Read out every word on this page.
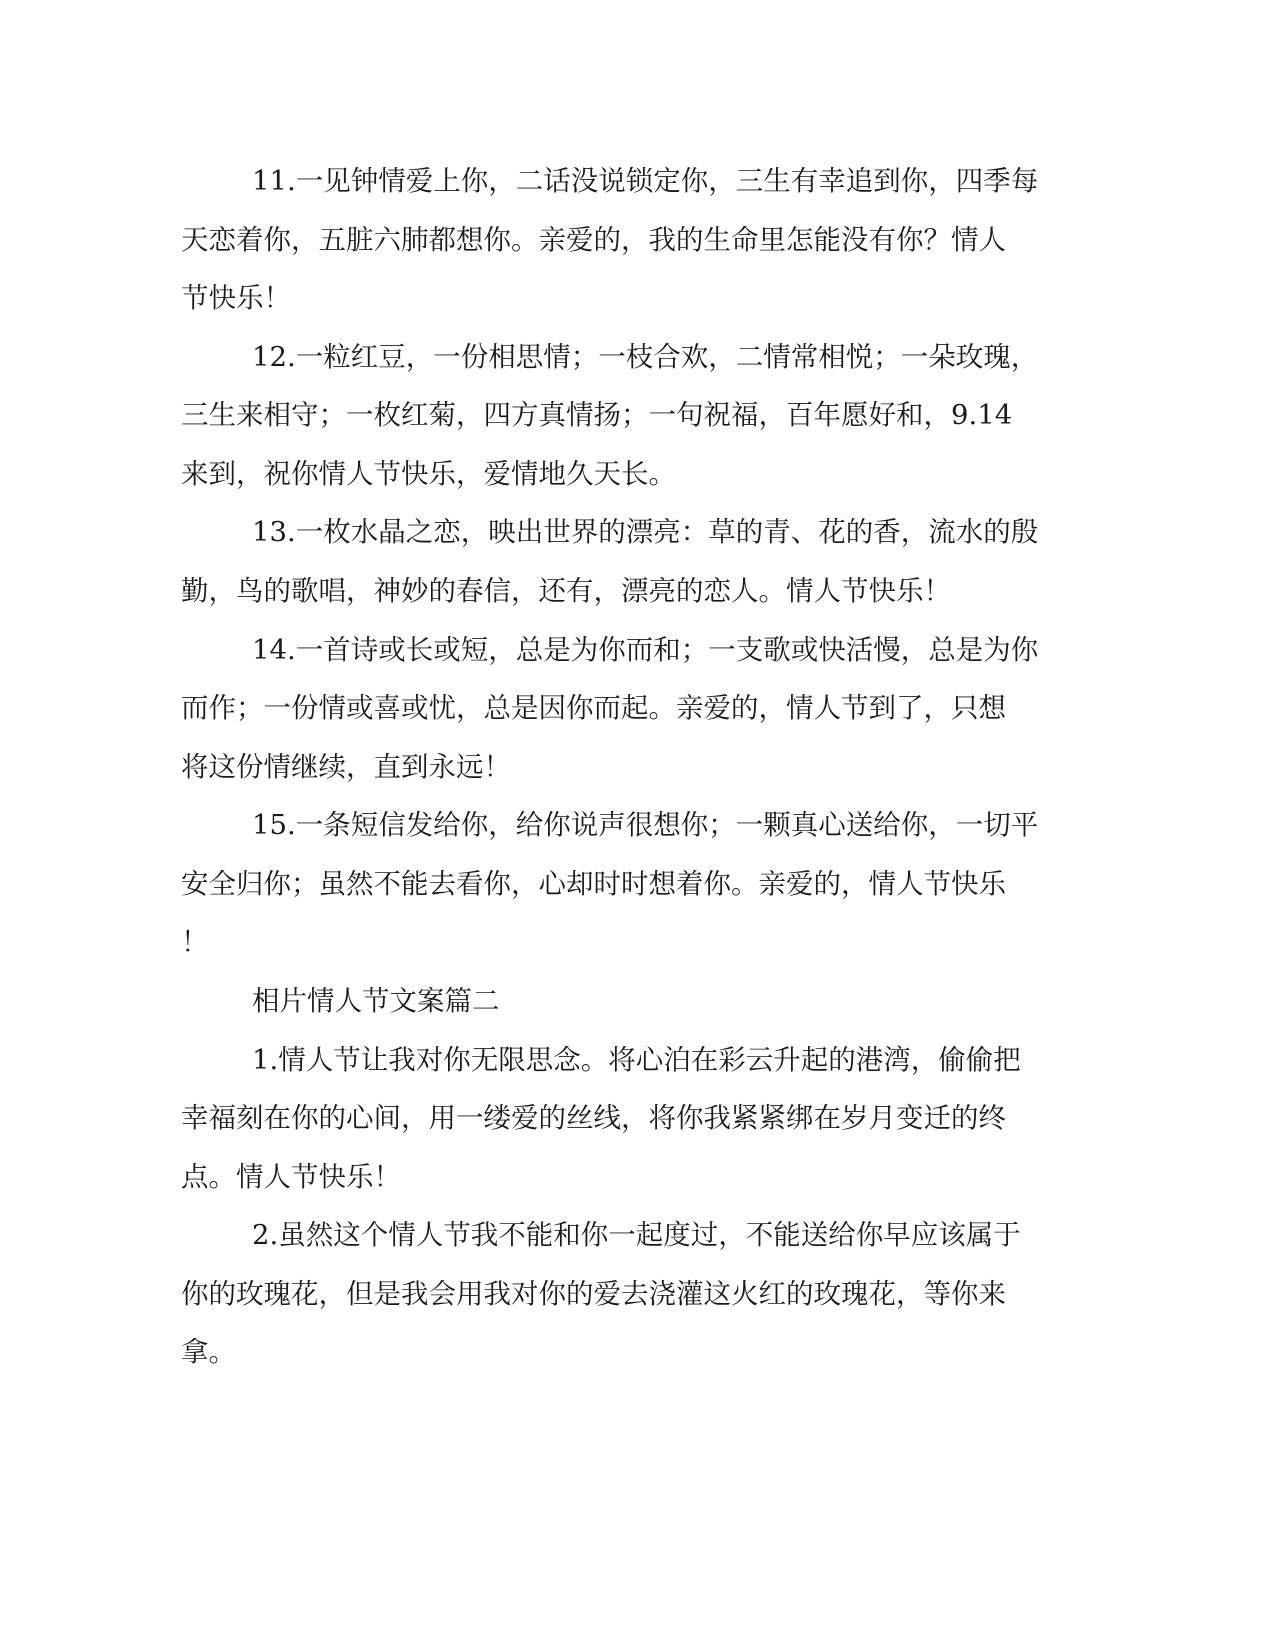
11.一见钟情爱上你，二话没说锁定你，三生有幸追到你，四季每
天恋着你，五脏六肺都想你。亲爱的，我的生命里怎能没有你？情人
节快乐！
12.一粒红豆，一份相思情；一枝合欢，二情常相悦；一朵玫瑰，
三生来相守；一枚红菊，四方真情扬；一句祝福，百年愿好和，9.14
来到，祝你情人节快乐，爱情地久天长。
13.一枚水晶之恋，映出世界的漂亮：草的青、花的香，流水的殷
勤，鸟的歌唱，神妙的春信，还有，漂亮的恋人。情人节快乐！
14.一首诗或长或短，总是为你而和；一支歌或快活慢，总是为你
而作；一份情或喜或忧，总是因你而起。亲爱的，情人节到了，只想
将这份情继续，直到永远！
15.一条短信发给你，给你说声很想你；一颗真心送给你，一切平
安全归你；虽然不能去看你，心却时时想着你。亲爱的，情人节快乐
！
相片情人节文案篇二
1.情人节让我对你无限思念。将心泊在彩云升起的港湾，偷偷把
幸福刻在你的心间，用一缕爱的丝线，将你我紧紧绑在岁月变迁的终
点。情人节快乐！
2.虽然这个情人节我不能和你一起度过，不能送给你早应该属于
你的玫瑰花，但是我会用我对你的爱去浇灌这火红的玫瑰花，等你来
拿。
